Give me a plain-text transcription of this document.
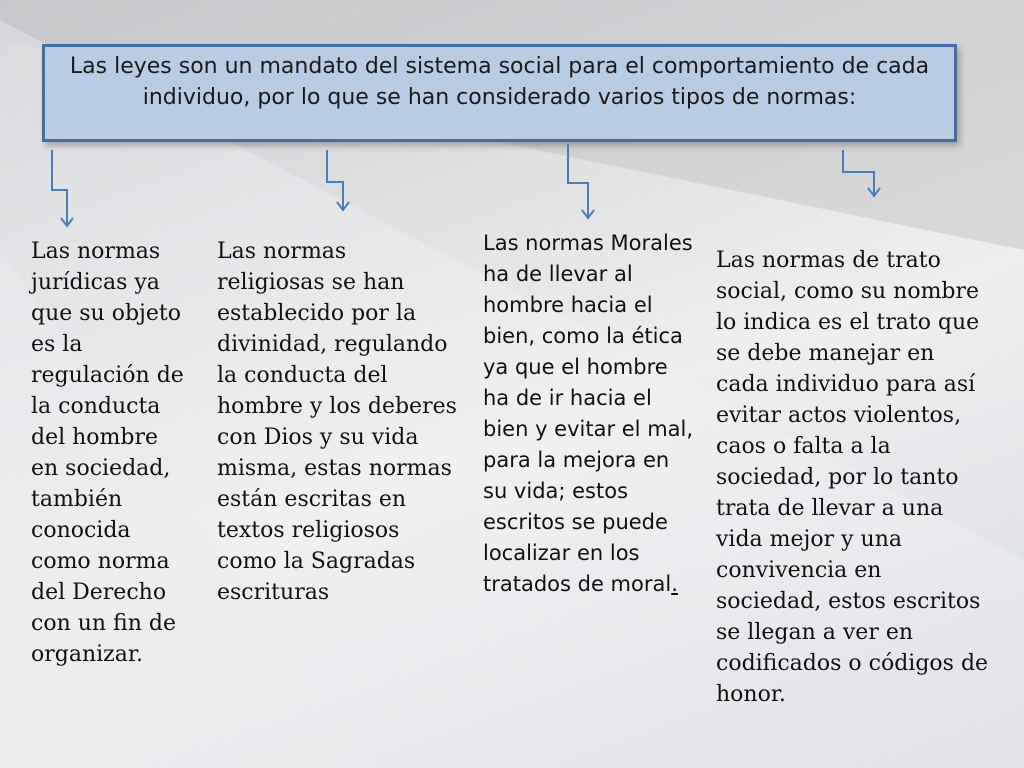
Las leyes son un mandato del sistema social para el comportamiento de cada individuo, por lo que se han considerado varios tipos de normas:
Las normas jurídicas ya que su objeto es la regulación de la conducta del hombre en sociedad, también conocida como norma del Derecho con un fin de organizar.
Las normas religiosas se han establecido por la divinidad, regulando la conducta del hombre y los deberes con Dios y su vida misma, estas normas están escritas en textos religiosos como la Sagradas escrituras
Las normas Morales ha de llevar al hombre hacia el bien, como la ética ya que el hombre ha de ir hacia el bien y evitar el mal, para la mejora en su vida; estos escritos se puede localizar en los tratados de moral.
Las normas de trato social, como su nombre lo indica es el trato que se debe manejar en cada individuo para así evitar actos violentos, caos o falta a la sociedad, por lo tanto trata de llevar a una vida mejor y una convivencia en sociedad, estos escritos se llegan a ver en codificados o códigos de honor.
